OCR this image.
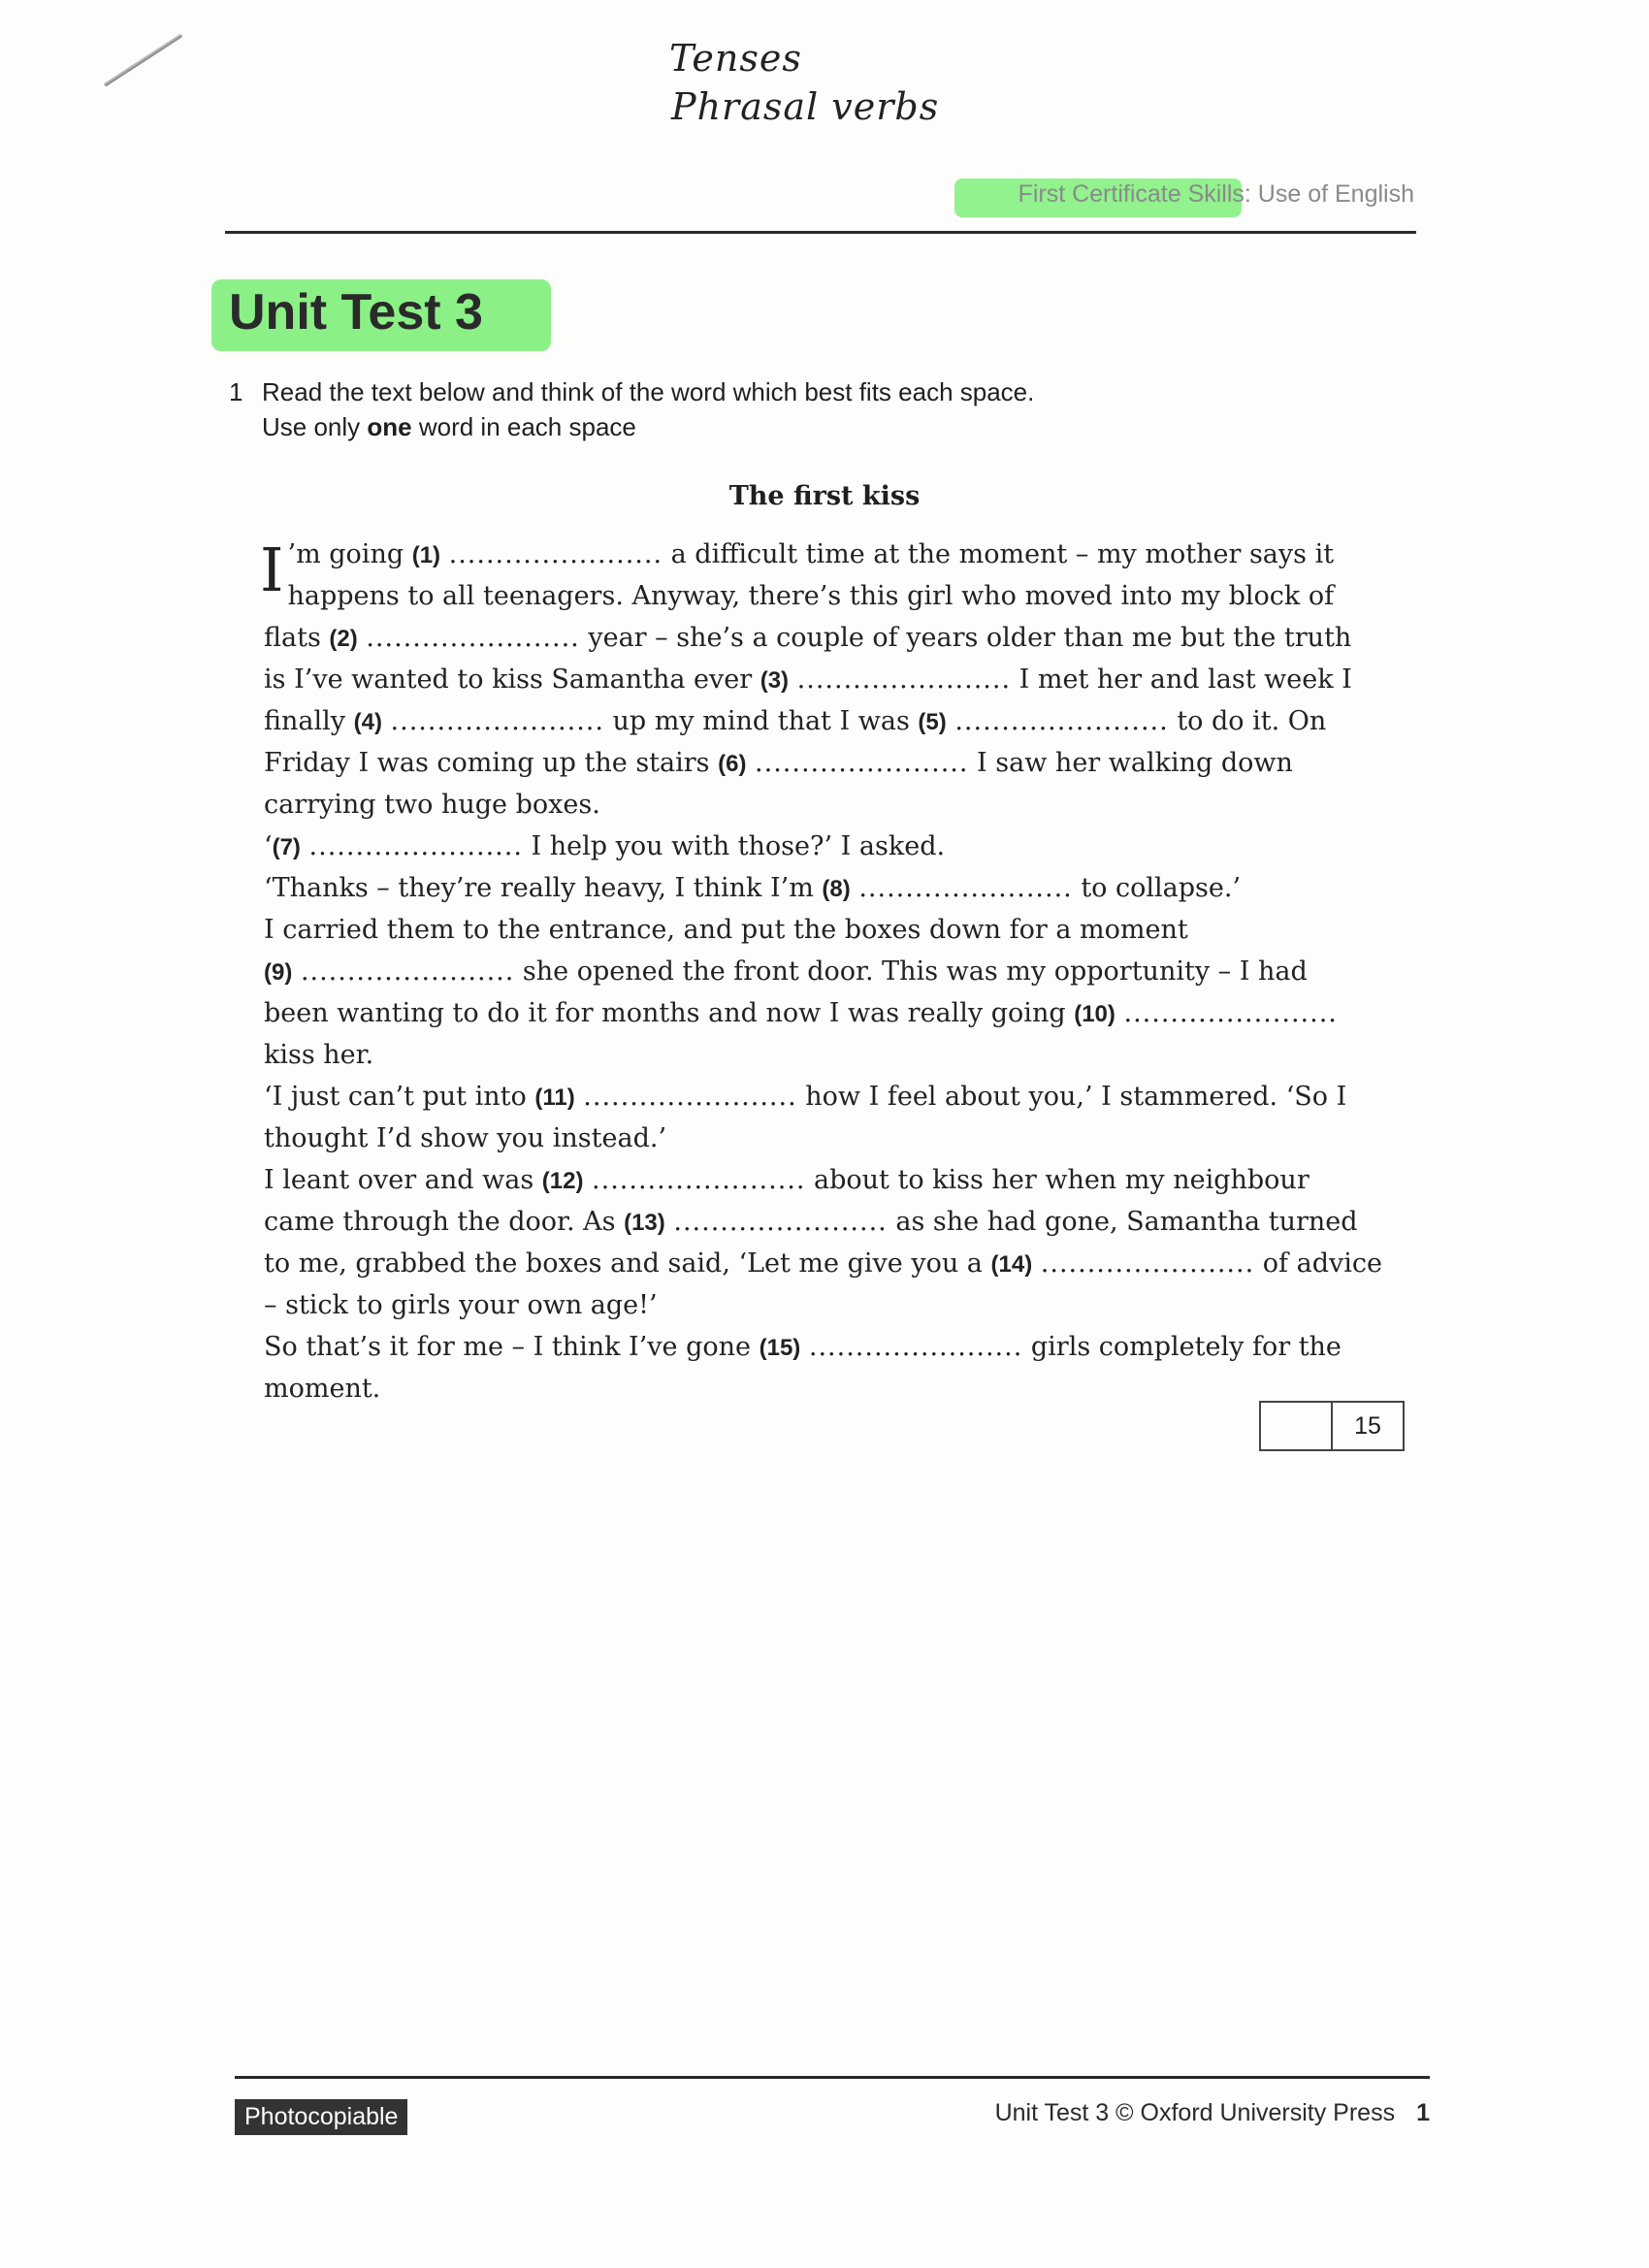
Tenses
Phrasal verbs
First Certificate Skills: Use of English
Unit Test 3
1 Read the text below and think of the word which best fits each space.
Use only one word in each space
The first kiss
I ’m going (1) ....................... a difficult time at the moment – my mother says it
happens to all teenagers. Anyway, there’s this girl who moved into my block of
flats (2) ....................... year – she’s a couple of years older than me but the truth
is I’ve wanted to kiss Samantha ever (3) ....................... I met her and last week I
finally (4) ....................... up my mind that I was (5) ....................... to do it. On
Friday I was coming up the stairs (6) ....................... I saw her walking down
carrying two huge boxes.
‘(7) ....................... I help you with those?’ I asked.
‘Thanks – they’re really heavy, I think I’m (8) ....................... to collapse.’
I carried them to the entrance, and put the boxes down for a moment
(9) ....................... she opened the front door. This was my opportunity – I had
been wanting to do it for months and now I was really going (10) .......................
kiss her.
‘I just can’t put into (11) ....................... how I feel about you,’ I stammered. ‘So I
thought I’d show you instead.’
I leant over and was (12) ....................... about to kiss her when my neighbour
came through the door. As (13) ....................... as she had gone, Samantha turned
to me, grabbed the boxes and said, ‘Let me give you a (14) ....................... of advice
– stick to girls your own age!’
So that’s it for me – I think I’ve gone (15) ....................... girls completely for the
moment.
15
Photocopiable	Unit Test 3 © Oxford University Press 1
